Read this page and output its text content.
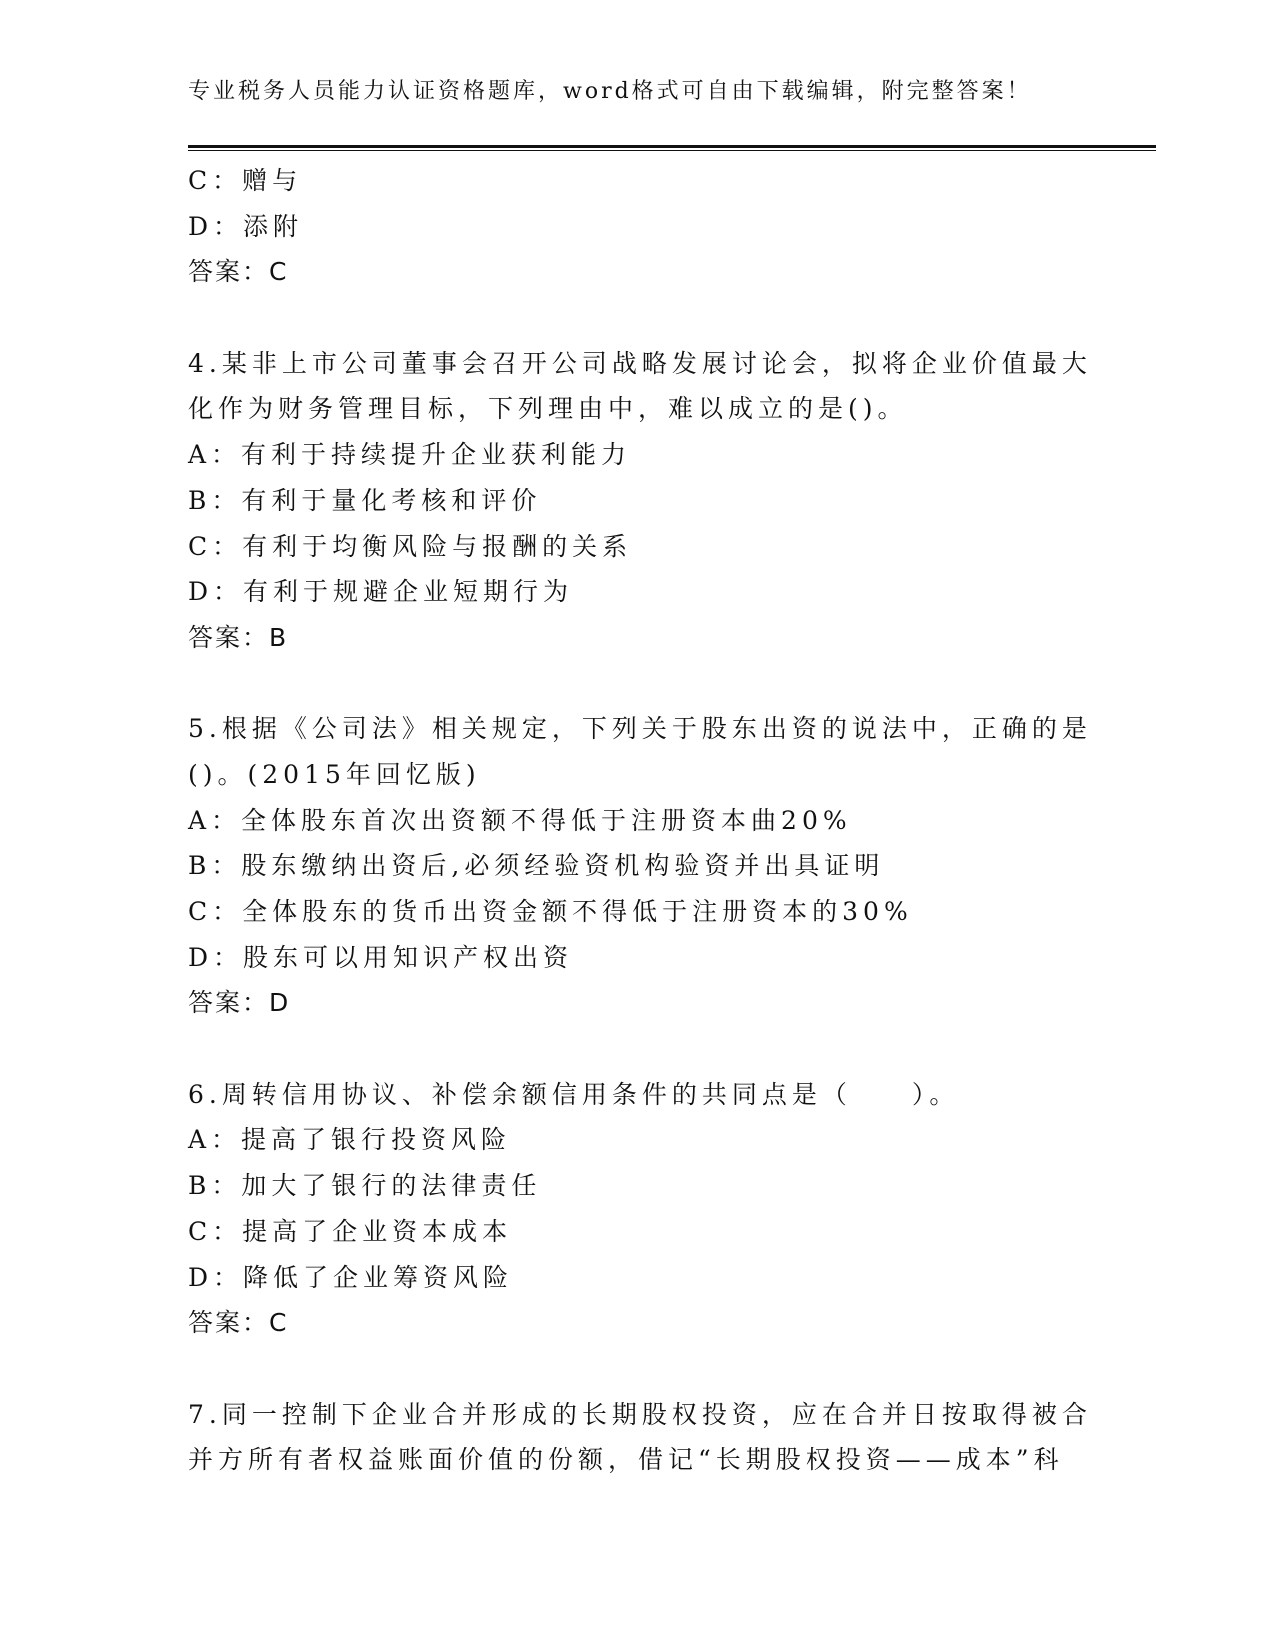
专业税务人员能力认证资格题库，word格式可自由下载编辑，附完整答案！
C：赠与
D：添附
答案：C
4.某非上市公司董事会召开公司战略发展讨论会，拟将企业价值最大
化作为财务管理目标，下列理由中，难以成立的是()。
A：有利于持续提升企业获利能力
B：有利于量化考核和评价
C：有利于均衡风险与报酬的关系
D：有利于规避企业短期行为
答案：B
5.根据《公司法》相关规定，下列关于股东出资的说法中，正确的是
()。(2015年回忆版)
A：全体股东首次出资额不得低于注册资本曲20%
B：股东缴纳出资后,必须经验资机构验资并出具证明
C：全体股东的货币出资金额不得低于注册资本的30%
D：股东可以用知识产权出资
答案：D
6.周转信用协议、补偿余额信用条件的共同点是（　　）。
A：提高了银行投资风险
B：加大了银行的法律责任
C：提高了企业资本成本
D：降低了企业筹资风险
答案：C
7.同一控制下企业合并形成的长期股权投资，应在合并日按取得被合
并方所有者权益账面价值的份额，借记“长期股权投资——成本”科
